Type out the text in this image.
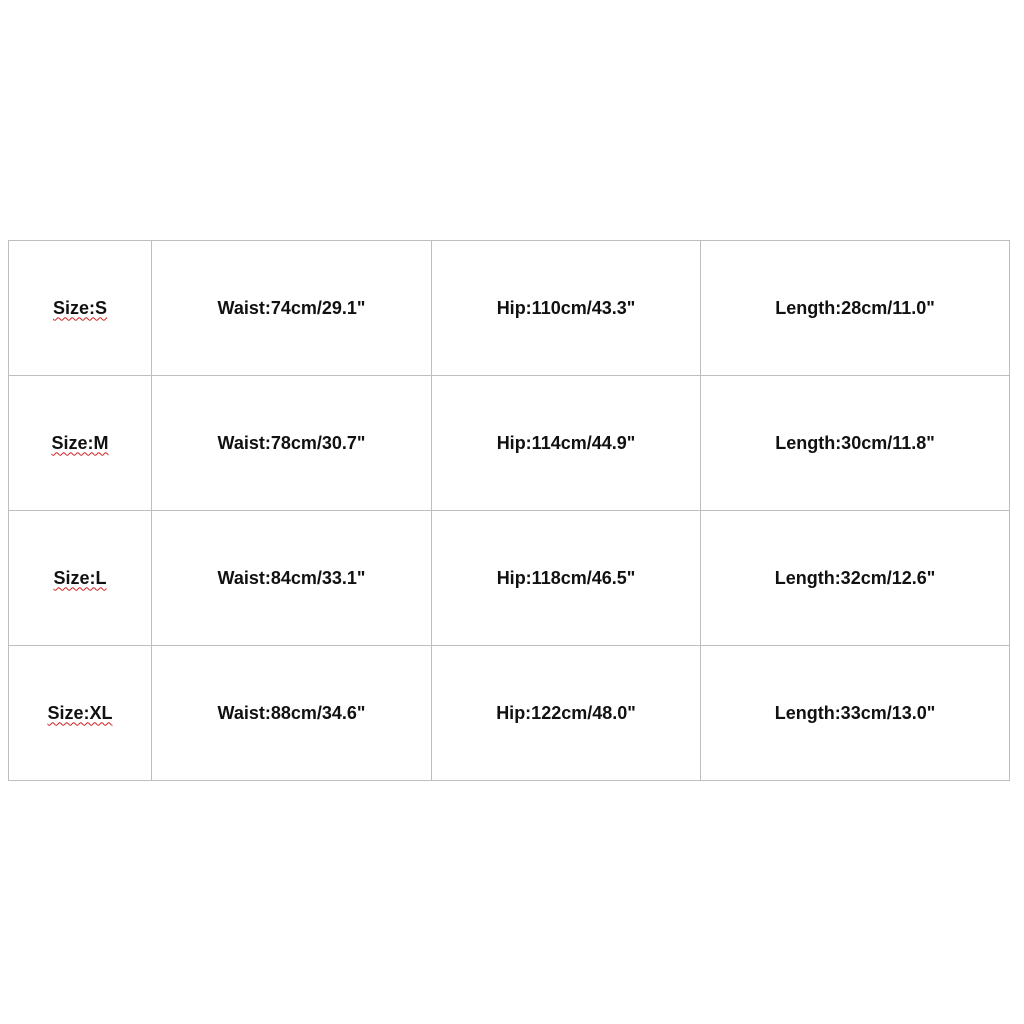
Size:S	Waist:74cm/29.1"	Hip:110cm/43.3"	Length:28cm/11.0"
Size:M	Waist:78cm/30.7"	Hip:114cm/44.9"	Length:30cm/11.8"
Size:L	Waist:84cm/33.1"	Hip:118cm/46.5"	Length:32cm/12.6"
Size:XL	Waist:88cm/34.6"	Hip:122cm/48.0"	Length:33cm/13.0"
